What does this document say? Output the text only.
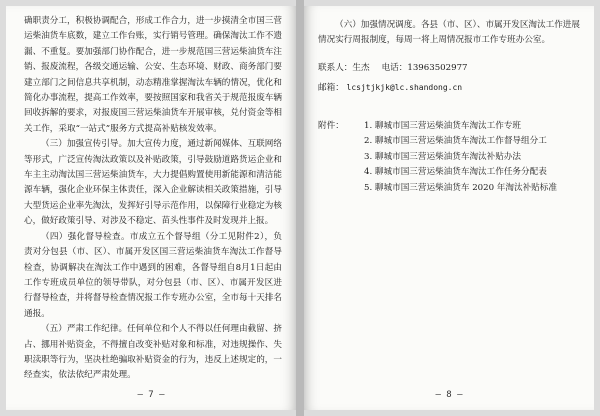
确职责分工，积极协调配合，形成工作合力，进一步摸清全市国三营运柴油货车底数，建立工作台账，实行销号管理。确保淘汰工作不遗漏、不重复。要加强部门协作配合，进一步规范国三营运柴油货车注销、报废流程，各级交通运输、公安、生态环境、财政、商务部门要建立部门之间信息共享机制，动态精准掌握淘汰车辆的情况，优化和简化办事流程，提高工作效率，要按照国家和我省关于规范报废车辆回收拆解的要求，对报废国三营运柴油货车开展审核，兑付资金等相关工作，采取“一站式”服务方式提高补贴核发效率。

（三）加强宣传引导。加大宣传力度，通过新闻媒体、互联网络等形式，广泛宣传淘汰政策以及补贴政策，引导鼓励道路货运企业和车主主动淘汰国三营运柴油货车，大力提倡购置使用新能源和清洁能源车辆，强化企业环保主体责任，深入企业解读相关政策措施，引导大型货运企业率先淘汰，发挥好引导示范作用，以保障行业稳定为核心，做好政策引导、对涉及不稳定、苗头性事件及时发现并上报。

（四）强化督导检查。市成立五个督导组（分工见附件2），负责对分包县（市、区）、市属开发区国三营运柴油货车淘汰工作督导检查，协调解决在淘汰工作中遇到的困难，各督导组自8月1日起由工作专班成员单位的领导带队，对分包县（市、区）、市属开发区进行督导检查，并将督导检查情况报工作专班办公室，全市每十天排名通报。

（五）严肃工作纪律。任何单位和个人不得以任何理由截留、挤占、挪用补贴资金，不得擅自改变补贴对象和标准，对违规操作、失职渎职等行为，坚决杜绝骗取补贴资金的行为，违反上述规定的，一经查实，依法依纪严肃处理。

— 7 —

（六）加强情况调度。各县（市、区）、市属开发区淘汰工作进展情况实行周报制度，每周一将上周情况报市工作专班办公室。

联系人：生杰 电话：13963502977
邮箱： lcsjtjkjk@lc.shandong.cn
附件：	1. 聊城市国三营运柴油货车淘汰工作专班
2. 聊城市国三营运柴油货车淘汰工作督导组分工
3. 聊城市国三营运柴油货车淘汰补贴办法
4. 聊城市国三营运柴油货车淘汰工作任务分配表
5. 聊城市国三营运柴油货车 2020 年淘汰补贴标准
— 8 —
